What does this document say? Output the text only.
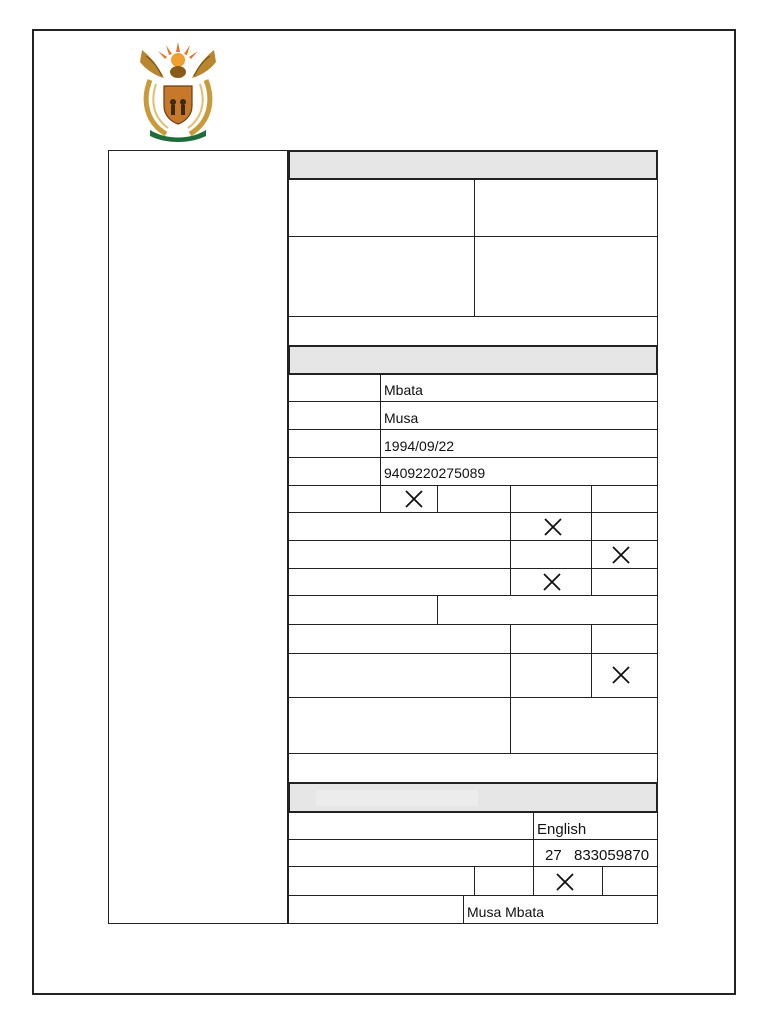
Mbata
Musa
1994/09/22
9409220275089
English
27 833059870
Musa Mbata
